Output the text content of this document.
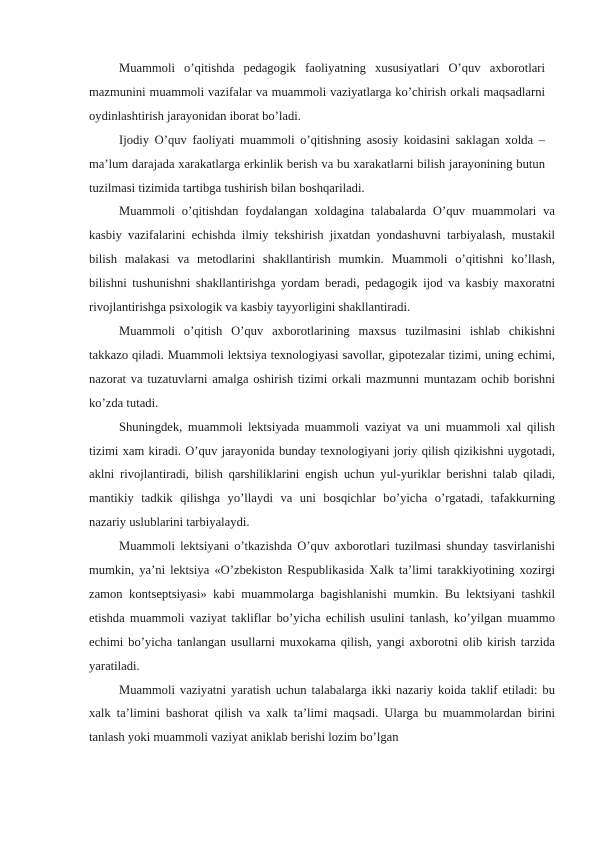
Muammoli o’qitishda pedagogik faoliyatning xususiyatlari O’quv axborotlari mazmunini muammoli vazifalar va muammoli vaziyatlarga ko’chirish orkali maqsadlarni oydinlashtirish jarayonidan iborat bo’ladi.

Ijodiy O’quv faoliyati muammoli o’qitishning asosiy koidasini saklagan xolda – ma’lum darajada xarakatlarga erkinlik berish va bu xarakatlarni bilish jarayonining butun tuzilmasi tizimida tartibga tushirish bilan boshqariladi.

Muammoli o’qitishdan foydalangan xoldagina talabalarda O’quv muammolari va kasbiy vazifalarini echishda ilmiy tekshirish jixatdan yondashuvni tarbiyalash, mustakil bilish malakasi va metodlarini shakllantirish mumkin. Muammoli o’qitishni ko’llash, bilishni tushunishni shakllantirishga yordam beradi, pedagogik ijod va kasbiy maxoratni rivojlantirishga psixologik va kasbiy tayyorligini shakllantiradi.

Muammoli o’qitish O’quv axborotlarining maxsus tuzilmasini ishlab chikishni takkazo qiladi. Muammoli lektsiya texnologiyasi savollar, gipotezalar tizimi, uning echimi, nazorat va tuzatuvlarni amalga oshirish tizimi orkali mazmunni muntazam ochib borishni ko’zda tutadi.

Shuningdek, muammoli lektsiyada muammoli vaziyat va uni muammoli xal qilish tizimi xam kiradi. O’quv jarayonida bunday texnologiyani joriy qilish qizikishni uygotadi, aklni rivojlantiradi, bilish qarshiliklarini engish uchun yul-yuriklar berishni talab qiladi, mantikiy tadkik qilishga yo’llaydi va uni bosqichlar bo’yicha o’rgatadi, tafakkurning nazariy uslublarini tarbiyalaydi.

Muammoli lektsiyani o’tkazishda O’quv axborotlari tuzilmasi shunday tasvirlanishi mumkin, ya’ni lektsiya «O’zbekiston Respublikasida Xalk ta’limi tarakkiyotining xozirgi zamon kontseptsiyasi» kabi muammolarga bagishlanishi mumkin. Bu lektsiyani tashkil etishda muammoli vaziyat takliflar bo’yicha echilish usulini tanlash, ko’yilgan muammo echimi bo’yicha tanlangan usullarni muxokama qilish, yangi axborotni olib kirish tarzida yaratiladi.

Muammoli vaziyatni yaratish uchun talabalarga ikki nazariy koida taklif etiladi: bu xalk ta’limini bashorat qilish va xalk ta’limi maqsadi. Ularga bu muammolardan birini tanlash yoki muammoli vaziyat aniklab berishi lozim bo’lgan
